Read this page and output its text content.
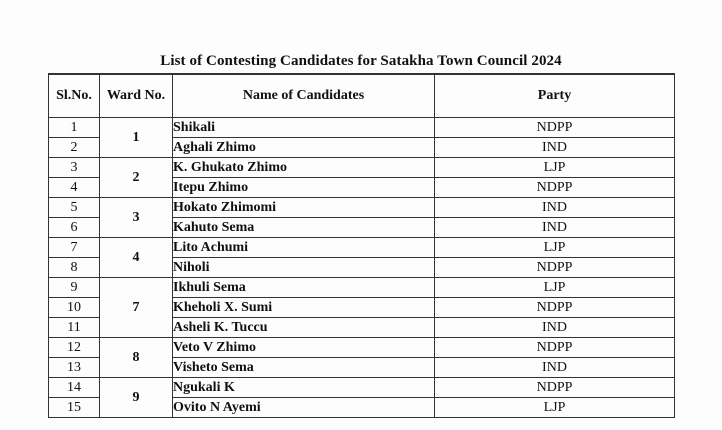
List of Contesting Candidates for Satakha Town Council 2024
Sl.No.	Ward No.	Name of Candidates	Party
1	1	Shikali	NDPP
2		Aghali Zhimo	IND
3	2	K. Ghukato Zhimo	LJP
4		Itepu Zhimo	NDPP
5	3	Hokato Zhimomi	IND
6		Kahuto Sema	IND
7	4	Lito Achumi	LJP
8		Niholi	NDPP
9	7	Ikhuli Sema	LJP
10		Kheholi X. Sumi	NDPP
11		Asheli K. Tuccu	IND
12	8	Veto V Zhimo	NDPP
13		Visheto Sema	IND
14	9	Ngukali K	NDPP
15		Ovito N Ayemi	LJP
